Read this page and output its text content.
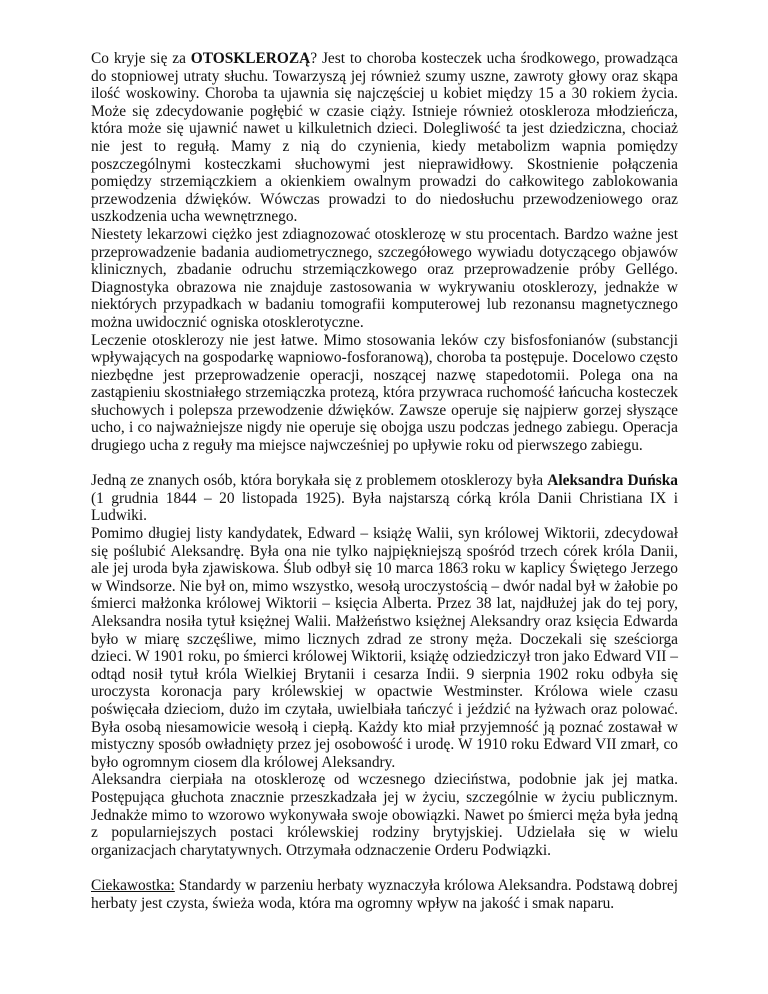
Co kryje się za OTOSKLEROZĄ? Jest to choroba kosteczek ucha środkowego, prowadząca do stopniowej utraty słuchu. Towarzyszą jej również szumy uszne, zawroty głowy oraz skąpa ilość woskowiny. Choroba ta ujawnia się najczęściej u kobiet między 15 a 30 rokiem życia. Może się zdecydowanie pogłębić w czasie ciąży. Istnieje również otoskleroza młodzieńcza, która może się ujawnić nawet u kilkuletnich dzieci. Dolegliwość ta jest dziedziczna, chociaż nie jest to regułą. Mamy z nią do czynienia, kiedy metabolizm wapnia pomiędzy poszczególnymi kosteczkami słuchowymi jest nieprawidłowy. Skostnienie połączenia pomiędzy strzemiączkiem a okienkiem owalnym prowadzi do całkowitego zablokowania przewodzenia dźwięków. Wówczas prowadzi to do niedosłuchu przewodzeniowego oraz uszkodzenia ucha wewnętrznego.

Niestety lekarzowi ciężko jest zdiagnozować otosklerozę w stu procentach. Bardzo ważne jest przeprowadzenie badania audiometrycznego, szczegółowego wywiadu dotyczącego objawów klinicznych, zbadanie odruchu strzemiączkowego oraz przeprowadzenie próby Gellégo. Diagnostyka obrazowa nie znajduje zastosowania w wykrywaniu otosklerozy, jednakże w niektórych przypadkach w badaniu tomografii komputerowej lub rezonansu magnetycznego można uwidocznić ogniska otosklerotyczne.

Leczenie otosklerozy nie jest łatwe. Mimo stosowania leków czy bisfosfonianów (substancji wpływających na gospodarkę wapniowo-fosforanową), choroba ta postępuje. Docelowo często niezbędne jest przeprowadzenie operacji, noszącej nazwę stapedotomii. Polega ona na zastąpieniu skostniałego strzemiączka protezą, która przywraca ruchomość łańcucha kosteczek słuchowych i polepsza przewodzenie dźwięków. Zawsze operuje się najpierw gorzej słyszące ucho, i co najważniejsze nigdy nie operuje się obojga uszu podczas jednego zabiegu. Operacja drugiego ucha z reguły ma miejsce najwcześniej po upływie roku od pierwszego zabiegu.

Jedną ze znanych osób, która borykała się z problemem otosklerozy była Aleksandra Duńska (1 grudnia 1844 – 20 listopada 1925). Była najstarszą córką króla Danii Christiana IX i Ludwiki.

Pomimo długiej listy kandydatek, Edward – książę Walii, syn królowej Wiktorii, zdecydował się poślubić Aleksandrę. Była ona nie tylko najpiękniejszą spośród trzech córek króla Danii, ale jej uroda była zjawiskowa. Ślub odbył się 10 marca 1863 roku w kaplicy Świętego Jerzego w Windsorze. Nie był on, mimo wszystko, wesołą uroczystością – dwór nadal był w żałobie po śmierci małżonka królowej Wiktorii – księcia Alberta. Przez 38 lat, najdłużej jak do tej pory, Aleksandra nosiła tytuł księżnej Walii. Małżeństwo księżnej Aleksandry oraz księcia Edwarda było w miarę szczęśliwe, mimo licznych zdrad ze strony męża. Doczekali się sześciorga dzieci. W 1901 roku, po śmierci królowej Wiktorii, książę odziedziczył tron jako Edward VII – odtąd nosił tytuł króla Wielkiej Brytanii i cesarza Indii. 9 sierpnia 1902 roku odbyła się uroczysta koronacja pary królewskiej w opactwie Westminster. Królowa wiele czasu poświęcała dzieciom, dużo im czytała, uwielbiała tańczyć i jeździć na łyżwach oraz polować. Była osobą niesamowicie wesołą i ciepłą. Każdy kto miał przyjemność ją poznać zostawał w mistyczny sposób owładnięty przez jej osobowość i urodę. W 1910 roku Edward VII zmarł, co było ogromnym ciosem dla królowej Aleksandry.

Aleksandra cierpiała na otosklerozę od wczesnego dzieciństwa, podobnie jak jej matka. Postępująca głuchota znacznie przeszkadzała jej w życiu, szczególnie w życiu publicznym. Jednakże mimo to wzorowo wykonywała swoje obowiązki. Nawet po śmierci męża była jedną z popularniejszych postaci królewskiej rodziny brytyjskiej. Udzielała się w wielu organizacjach charytatywnych. Otrzymała odznaczenie Orderu Podwiązki.

Ciekawostka: Standardy w parzeniu herbaty wyznaczyła królowa Aleksandra. Podstawą dobrej herbaty jest czysta, świeża woda, która ma ogromny wpływ na jakość i smak naparu.
